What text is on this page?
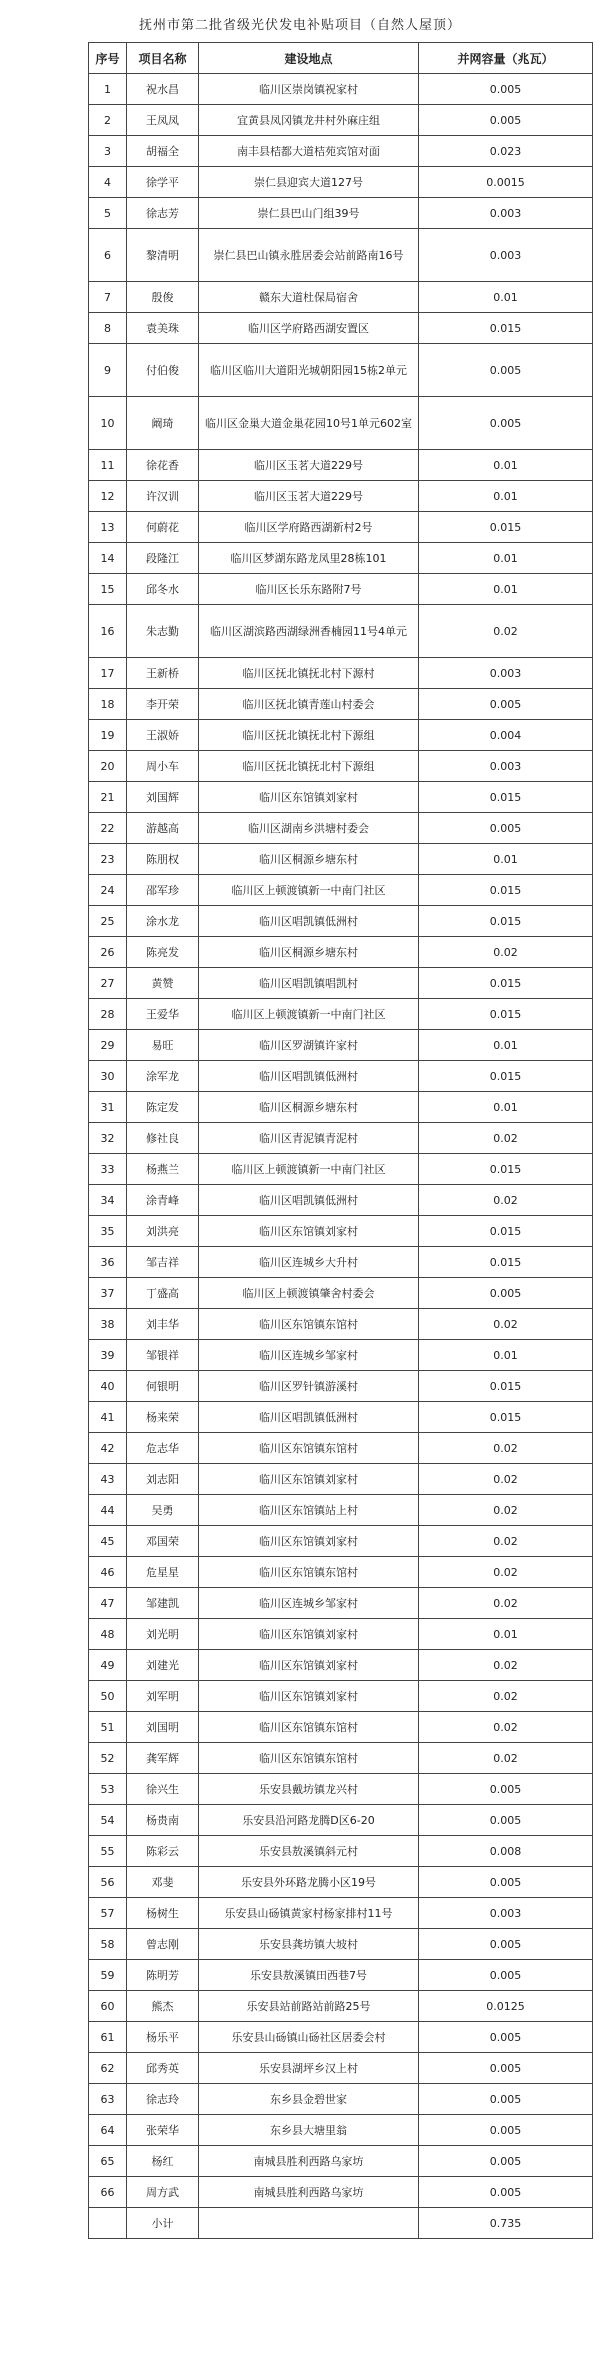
抚州市第二批省级光伏发电补贴项目（自然人屋顶）
序号	项目名称	建设地点	并网容量（兆瓦）
1	祝水昌	临川区崇岗镇祝家村	0.005
2	王凤凤	宜黄县凤冈镇龙井村外麻庄组	0.005
3	胡福全	南丰县桔都大道桔苑宾馆对面	0.023
4	徐学平	崇仁县迎宾大道127号	0.0015
5	徐志芳	崇仁县巴山门组39号	0.003
6	黎清明	崇仁县巴山镇永胜居委会站前路南16号	0.003
7	殷俊	赣东大道杜保局宿舍	0.01
8	袁美珠	临川区学府路西湖安置区	0.015
9	付伯俊	临川区临川大道阳光城朝阳园15栋2单元	0.005
10	阚琦	临川区金巢大道金巢花园10号1单元602室	0.005
11	徐花香	临川区玉茗大道229号	0.01
12	许汉训	临川区玉茗大道229号	0.01
13	何蔚花	临川区学府路西湖新村2号	0.015
14	段隆江	临川区梦湖东路龙凤里28栋101	0.01
15	邱冬水	临川区长乐东路附7号	0.01
16	朱志勤	临川区湖滨路西湖绿洲香楠园11号4单元	0.02
17	王新桥	临川区抚北镇抚北村下源村	0.003
18	李开荣	临川区抚北镇青莲山村委会	0.005
19	王淑娇	临川区抚北镇抚北村下源组	0.004
20	周小车	临川区抚北镇抚北村下源组	0.003
21	刘国辉	临川区东馆镇刘家村	0.015
22	游越高	临川区湖南乡洪塘村委会	0.005
23	陈朋权	临川区桐源乡塘东村	0.01
24	邵军珍	临川区上顿渡镇新一中南门社区	0.015
25	涂水龙	临川区唱凯镇低洲村	0.015
26	陈亮发	临川区桐源乡塘东村	0.02
27	黄赞	临川区唱凯镇唱凯村	0.015
28	王爱华	临川区上顿渡镇新一中南门社区	0.015
29	易旺	临川区罗湖镇许家村	0.01
30	涂军龙	临川区唱凯镇低洲村	0.015
31	陈定发	临川区桐源乡塘东村	0.01
32	修社良	临川区青泥镇青泥村	0.02
33	杨燕兰	临川区上顿渡镇新一中南门社区	0.015
34	涂青峰	临川区唱凯镇低洲村	0.02
35	刘洪亮	临川区东馆镇刘家村	0.015
36	邹吉祥	临川区连城乡大升村	0.015
37	丁盛高	临川区上顿渡镇肇舍村委会	0.005
38	刘丰华	临川区东馆镇东馆村	0.02
39	邹银祥	临川区连城乡邹家村	0.01
40	何银明	临川区罗针镇游溪村	0.015
41	杨来荣	临川区唱凯镇低洲村	0.015
42	危志华	临川区东馆镇东馆村	0.02
43	刘志阳	临川区东馆镇刘家村	0.02
44	吴勇	临川区东馆镇站上村	0.02
45	邓国荣	临川区东馆镇刘家村	0.02
46	危星星	临川区东馆镇东馆村	0.02
47	邹建凯	临川区连城乡邹家村	0.02
48	刘光明	临川区东馆镇刘家村	0.01
49	刘建光	临川区东馆镇刘家村	0.02
50	刘军明	临川区东馆镇刘家村	0.02
51	刘国明	临川区东馆镇东馆村	0.02
52	龚军辉	临川区东馆镇东馆村	0.02
53	徐兴生	乐安县戴坊镇龙兴村	0.005
54	杨贵南	乐安县沿河路龙腾D区6-20	0.005
55	陈彩云	乐安县敖溪镇斜元村	0.008
56	邓斐	乐安县外环路龙腾小区19号	0.005
57	杨树生	乐安县山砀镇黄家村杨家排村11号	0.003
58	曾志刚	乐安县龚坊镇大坡村	0.005
59	陈明芳	乐安县敖溪镇田西巷7号	0.005
60	熊杰	乐安县站前路站前路25号	0.0125
61	杨乐平	乐安县山砀镇山砀社区居委会村	0.005
62	邱秀英	乐安县湖坪乡汉上村	0.005
63	徐志玲	东乡县金碧世家	0.005
64	张荣华	东乡县大塘里翁	0.005
65	杨红	南城县胜利西路乌家坊	0.005
66	周方武	南城县胜利西路乌家坊	0.005
	小计		0.735
